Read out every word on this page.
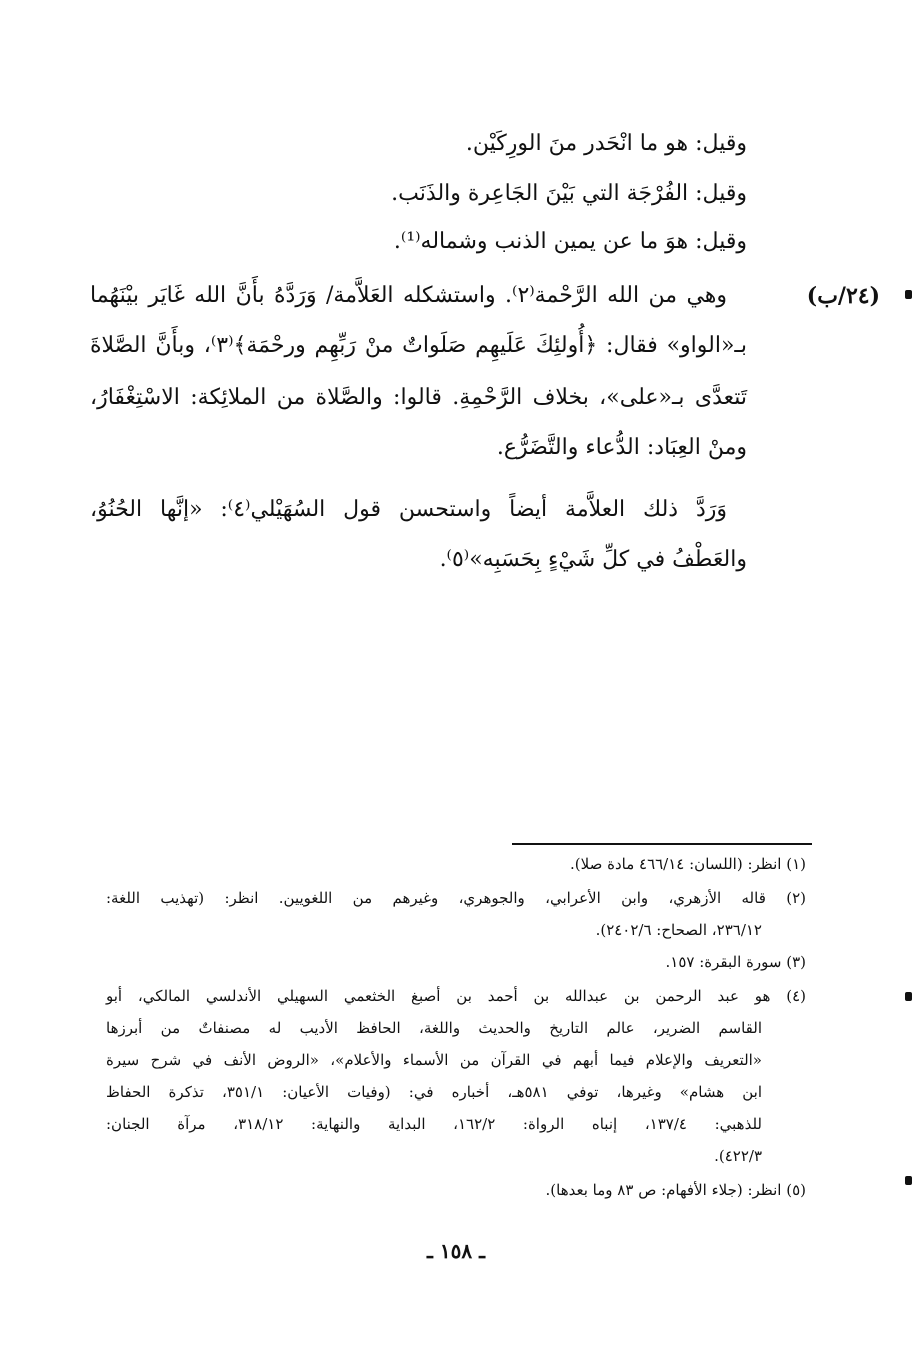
وقيل: هو ما انْحَدر منَ الورِكَيْن.
وقيل: الفُرْجَة التي بَيْنَ الجَاعِرة والذَنَب.
وقيل: هوَ ما عن يمين الذنب وشماله⁽¹⁾.
(٢٤/ب)
وهي من الله الرَّحْمة⁽٢⁾. واستشكله العَلاَّمة/ وَرَدَّهُ بأَنَّ الله غَايَر بيْنَهُما
بـ«الواو» فقال: ﴿أُولئِكَ عَلَيهِم صَلَواتٌ منْ رَبِّهِم ورحْمَة﴾⁽٣⁾، وبأَنَّ الصَّلاةَ
تَتعدَّى بـ«على»، بخلاف الرَّحْمِةِ. قالوا: والصَّلاة من الملائِكة: الاسْتِغْفَارُ،
ومنْ العِبَاد: الدُّعاء والتَّضَرُّع.
وَرَدَّ ذلك العلاَّمة أيضاً واستحسن قول السُهَيْلي⁽٤⁾: «إنَّها الحُنُوُ،
والعَطْفُ في كلِّ شَيْءٍ بِحَسَبِه»⁽٥⁾.
(١) انظر: (اللسان: ٤٦٦/١٤ مادة صلا).
(٢) قاله الأزهري، وابن الأعرابي، والجوهري، وغيرهم من اللغويين. انظر: (تهذيب اللغة:
٢٣٦/١٢، الصحاح: ٢٤٠٢/٦).
(٣) سورة البقرة: ١٥٧.
(٤) هو عبد الرحمن بن عبدالله بن أحمد بن أصبغ الخثعمي السهيلي الأندلسي المالكي، أبو
القاسم الضرير، عالم التاريخ والحديث واللغة، الحافظ الأديب له مصنفاتٌ من أبرزها
«التعريف والإعلام فيما أبهم في القرآن من الأسماء والأعلام»، «الروض الأنف في شرح سيرة
ابن هشام» وغيرها، توفي ٥٨١هـ، أخباره في: (وفيات الأعيان: ٣٥١/١، تذكرة الحفاظ
للذهبي: ١٣٧/٤، إنباه الرواة: ١٦٢/٢، البداية والنهاية: ٣١٨/١٢، مرآة الجنان:
٤٢٢/٣).
(٥) انظر: (جلاء الأفهام: ص ٨٣ وما بعدها).
ـ ١٥٨ ـ
